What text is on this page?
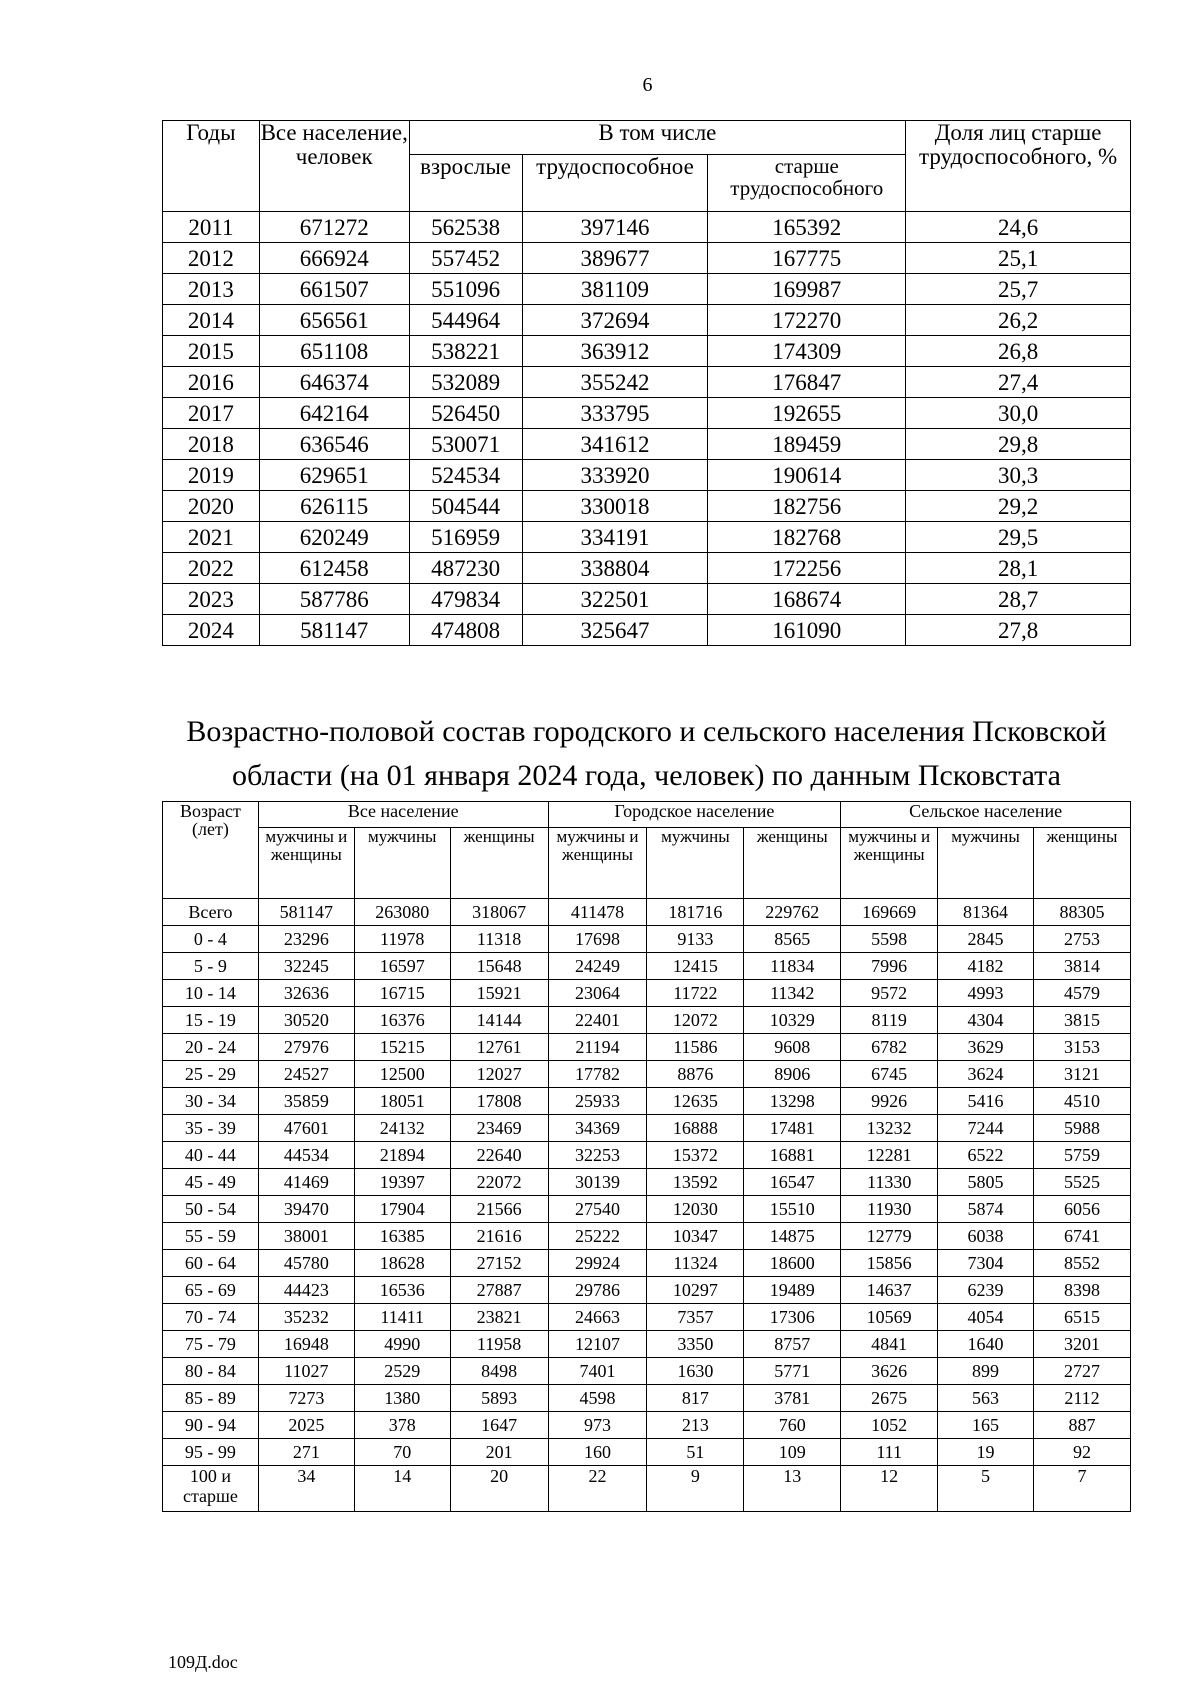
6
Годы	Все население, человек	В том числе			Доля лиц старше трудоспособного, %
		взрослые	трудоспособное	старше трудоспособного	
2011	671272	562538	397146	165392	24,6
2012	666924	557452	389677	167775	25,1
2013	661507	551096	381109	169987	25,7
2014	656561	544964	372694	172270	26,2
2015	651108	538221	363912	174309	26,8
2016	646374	532089	355242	176847	27,4
2017	642164	526450	333795	192655	30,0
2018	636546	530071	341612	189459	29,8
2019	629651	524534	333920	190614	30,3
2020	626115	504544	330018	182756	29,2
2021	620249	516959	334191	182768	29,5
2022	612458	487230	338804	172256	28,1
2023	587786	479834	322501	168674	28,7
2024	581147	474808	325647	161090	27,8
Возрастно-половой состав городского и сельского населения Псковской
области (на 01 января 2024 года, человек) по данным Псковстата
Возраст (лет)	Все население			Городское население			Сельское население		
	мужчины и женщины	мужчины	женщины	мужчины и женщины	мужчины	женщины	мужчины и женщины	мужчины	женщины
Всего	581147	263080	318067	411478	181716	229762	169669	81364	88305
0 - 4	23296	11978	11318	17698	9133	8565	5598	2845	2753
5 - 9	32245	16597	15648	24249	12415	11834	7996	4182	3814
10 - 14	32636	16715	15921	23064	11722	11342	9572	4993	4579
15 - 19	30520	16376	14144	22401	12072	10329	8119	4304	3815
20 - 24	27976	15215	12761	21194	11586	9608	6782	3629	3153
25 - 29	24527	12500	12027	17782	8876	8906	6745	3624	3121
30 - 34	35859	18051	17808	25933	12635	13298	9926	5416	4510
35 - 39	47601	24132	23469	34369	16888	17481	13232	7244	5988
40 - 44	44534	21894	22640	32253	15372	16881	12281	6522	5759
45 - 49	41469	19397	22072	30139	13592	16547	11330	5805	5525
50 - 54	39470	17904	21566	27540	12030	15510	11930	5874	6056
55 - 59	38001	16385	21616	25222	10347	14875	12779	6038	6741
60 - 64	45780	18628	27152	29924	11324	18600	15856	7304	8552
65 - 69	44423	16536	27887	29786	10297	19489	14637	6239	8398
70 - 74	35232	11411	23821	24663	7357	17306	10569	4054	6515
75 - 79	16948	4990	11958	12107	3350	8757	4841	1640	3201
80 - 84	11027	2529	8498	7401	1630	5771	3626	899	2727
85 - 89	7273	1380	5893	4598	817	3781	2675	563	2112
90 - 94	2025	378	1647	973	213	760	1052	165	887
95 - 99	271	70	201	160	51	109	111	19	92
100 и старше	34	14	20	22	9	13	12	5	7
109Д.doc
